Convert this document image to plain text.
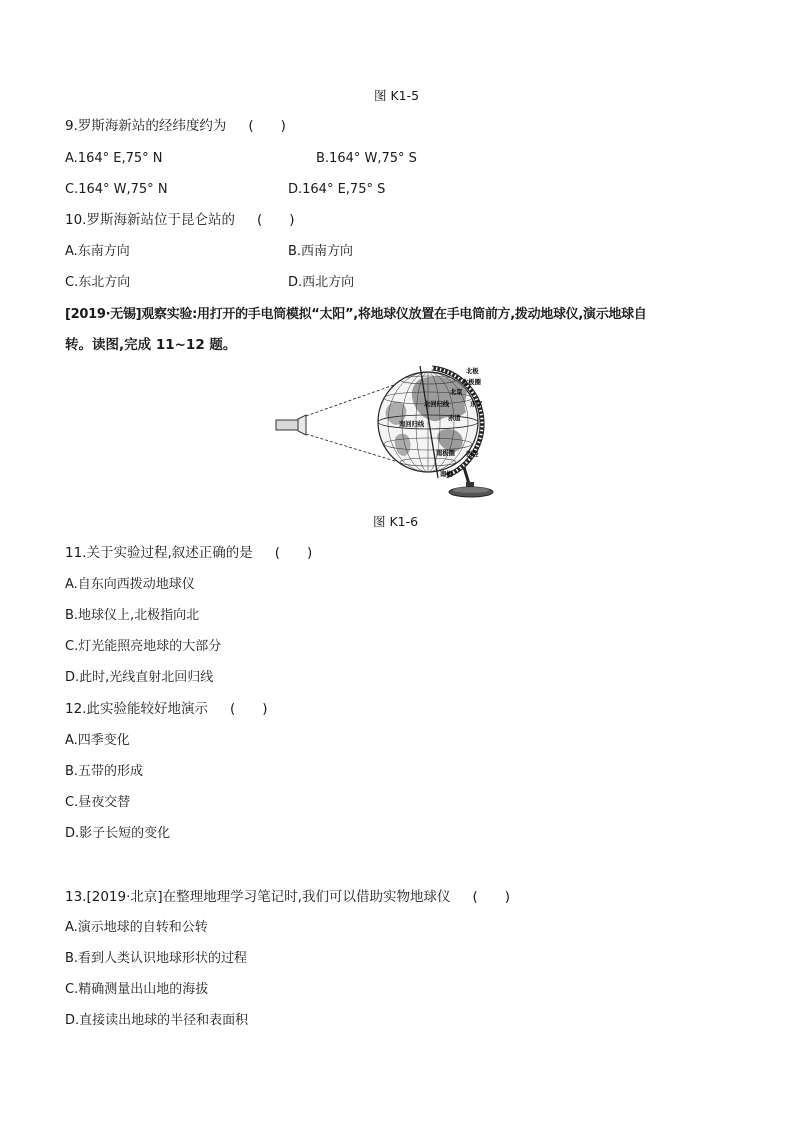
图 K1-5
9.罗斯海新站的经纬度约为 (　　)
A.164° E,75° N	B.164° W,75° S
C.164° W,75° N	D.164° E,75° S
10.罗斯海新站位于昆仑站的 (　　)
A.东南方向	B.西南方向
C.东北方向	D.西北方向
[2019·无锡]观察实验:用打开的手电筒模拟“太阳”,将地球仪放置在手电筒前方,拨动地球仪,演示地球自
转。读图,完成 11~12 题。
北极
北极圈
北京
北回归线	东京
赤道
南回归线
南极圈 西经
南极
图 K1-6
11.关于实验过程,叙述正确的是 (　　)
A.自东向西拨动地球仪
B.地球仪上,北极指向北
C.灯光能照亮地球的大部分
D.此时,光线直射北回归线
12.此实验能较好地演示 (　　)
A.四季变化
B.五带的形成
C.昼夜交替
D.影子长短的变化
13.[2019·北京]在整理地理学习笔记时,我们可以借助实物地球仪 (　　)
A.演示地球的自转和公转
B.看到人类认识地球形状的过程
C.精确测量出山地的海拔
D.直接读出地球的半径和表面积
